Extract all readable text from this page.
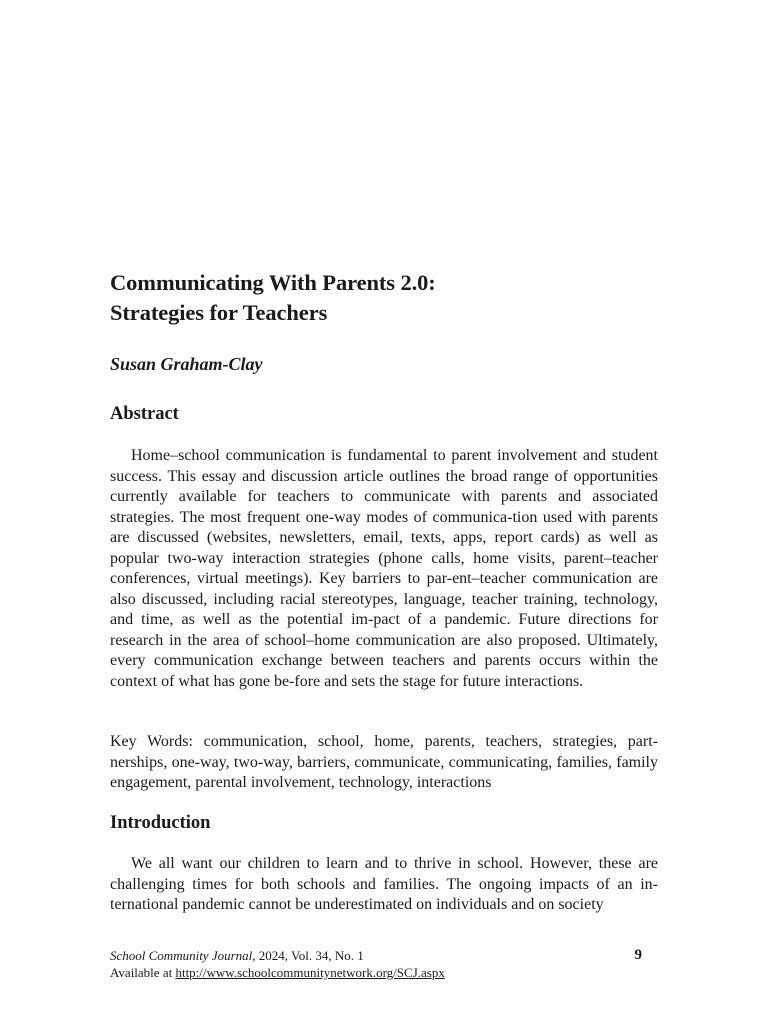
Communicating With Parents 2.0:
Strategies for Teachers

Susan Graham-Clay

Abstract

Home–school communication is fundamental to parent involvement and student success. This essay and discussion article outlines the broad range of opportunities currently available for teachers to communicate with parents and associated strategies. The most frequent one-way modes of communica-tion used with parents are discussed (websites, newsletters, email, texts, apps, report cards) as well as popular two-way interaction strategies (phone calls, home visits, parent–teacher conferences, virtual meetings). Key barriers to par-ent–teacher communication are also discussed, including racial stereotypes, language, teacher training, technology, and time, as well as the potential im-pact of a pandemic. Future directions for research in the area of school–home communication are also proposed. Ultimately, every communication exchange between teachers and parents occurs within the context of what has gone be-fore and sets the stage for future interactions.

Key Words: communication, school, home, parents, teachers, strategies, part-nerships, one-way, two-way, barriers, communicate, communicating, families, family engagement, parental involvement, technology, interactions

Introduction

We all want our children to learn and to thrive in school. However, these are challenging times for both schools and families. The ongoing impacts of an in-ternational pandemic cannot be underestimated on individuals and on society

School Community Journal, 2024, Vol. 34, No. 1
Available at http://www.schoolcommunitynetwork.org/SCJ.aspx
9
